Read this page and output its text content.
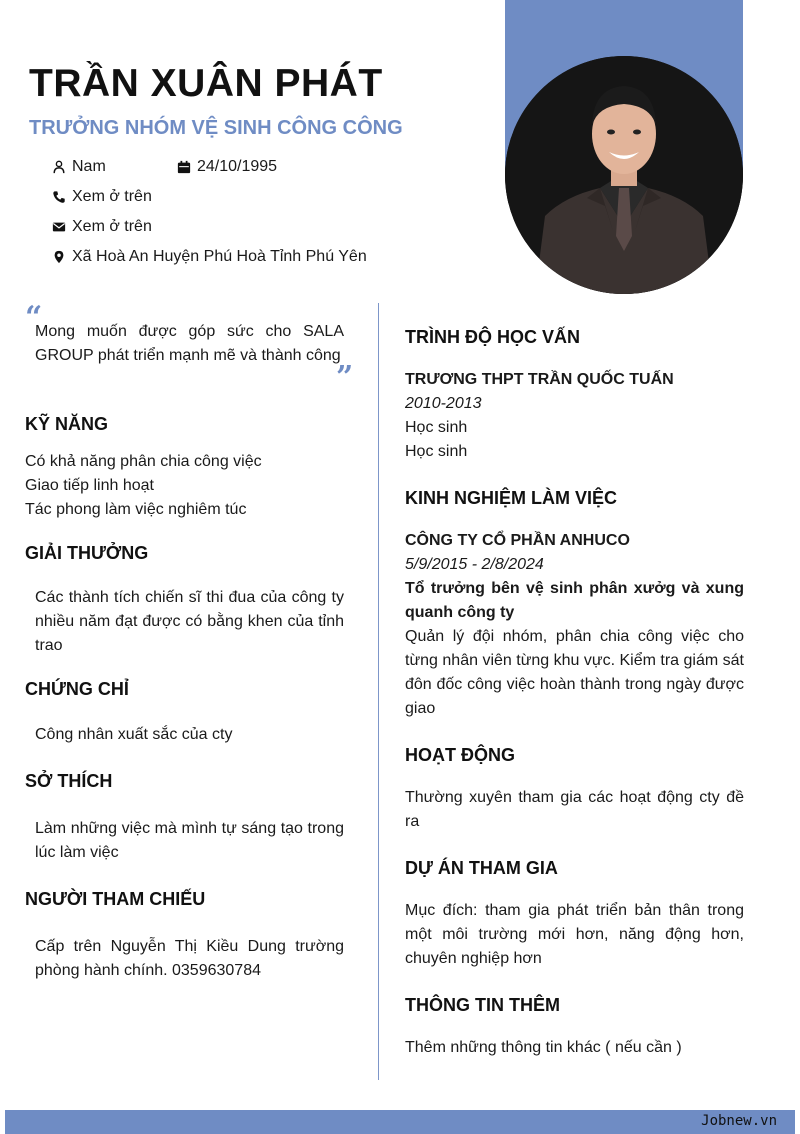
TRẦN XUÂN PHÁT
TRƯỞNG NHÓM VỆ SINH CÔNG CÔNG
Nam	24/10/1995
Xem ở trên
Xem ở trên
Xã Hoà An Huyện Phú Hoà Tỉnh Phú Yên
“
Mong muốn được góp sức cho SALA GROUP phát triển mạnh mẽ và thành công
”
KỸ NĂNG
Có khả năng phân chia công việc
Giao tiếp linh hoạt
Tác phong làm việc nghiêm túc
GIẢI THƯỞNG
Các thành tích chiến sĩ thi đua của công ty nhiều năm đạt được có bằng khen của tỉnh trao
CHỨNG CHỈ
Công nhân xuất sắc của cty
SỞ THÍCH
Làm những việc mà mình tự sáng tạo trong lúc làm việc
NGƯỜI THAM CHIẾU
Cấp trên Nguyễn Thị Kiều Dung trường phòng hành chính. 0359630784
TRÌNH ĐỘ HỌC VẤN
TRƯƠNG THPT TRẦN QUỐC TUẤN
2010-2013
Học sinh
Học sinh
KINH NGHIỆM LÀM VIỆC
CÔNG TY CỔ PHẦN ANHUCO
5/9/2015 - 2/8/2024
Tổ trưởng bên vệ sinh phân xưởg và xung quanh công ty
Quản lý đội nhóm, phân chia công việc cho từng nhân viên từng khu vực. Kiểm tra giám sát đôn đốc công việc hoàn thành trong ngày được giao
HOẠT ĐỘNG
Thường xuyên tham gia các hoạt động cty đề ra
DỰ ÁN THAM GIA
Mục đích: tham gia phát triển bản thân trong một môi trường mới hơn, năng động hơn, chuyên nghiệp hơn
THÔNG TIN THÊM
Thêm những thông tin khác ( nếu cần )
Jobnew.vn
